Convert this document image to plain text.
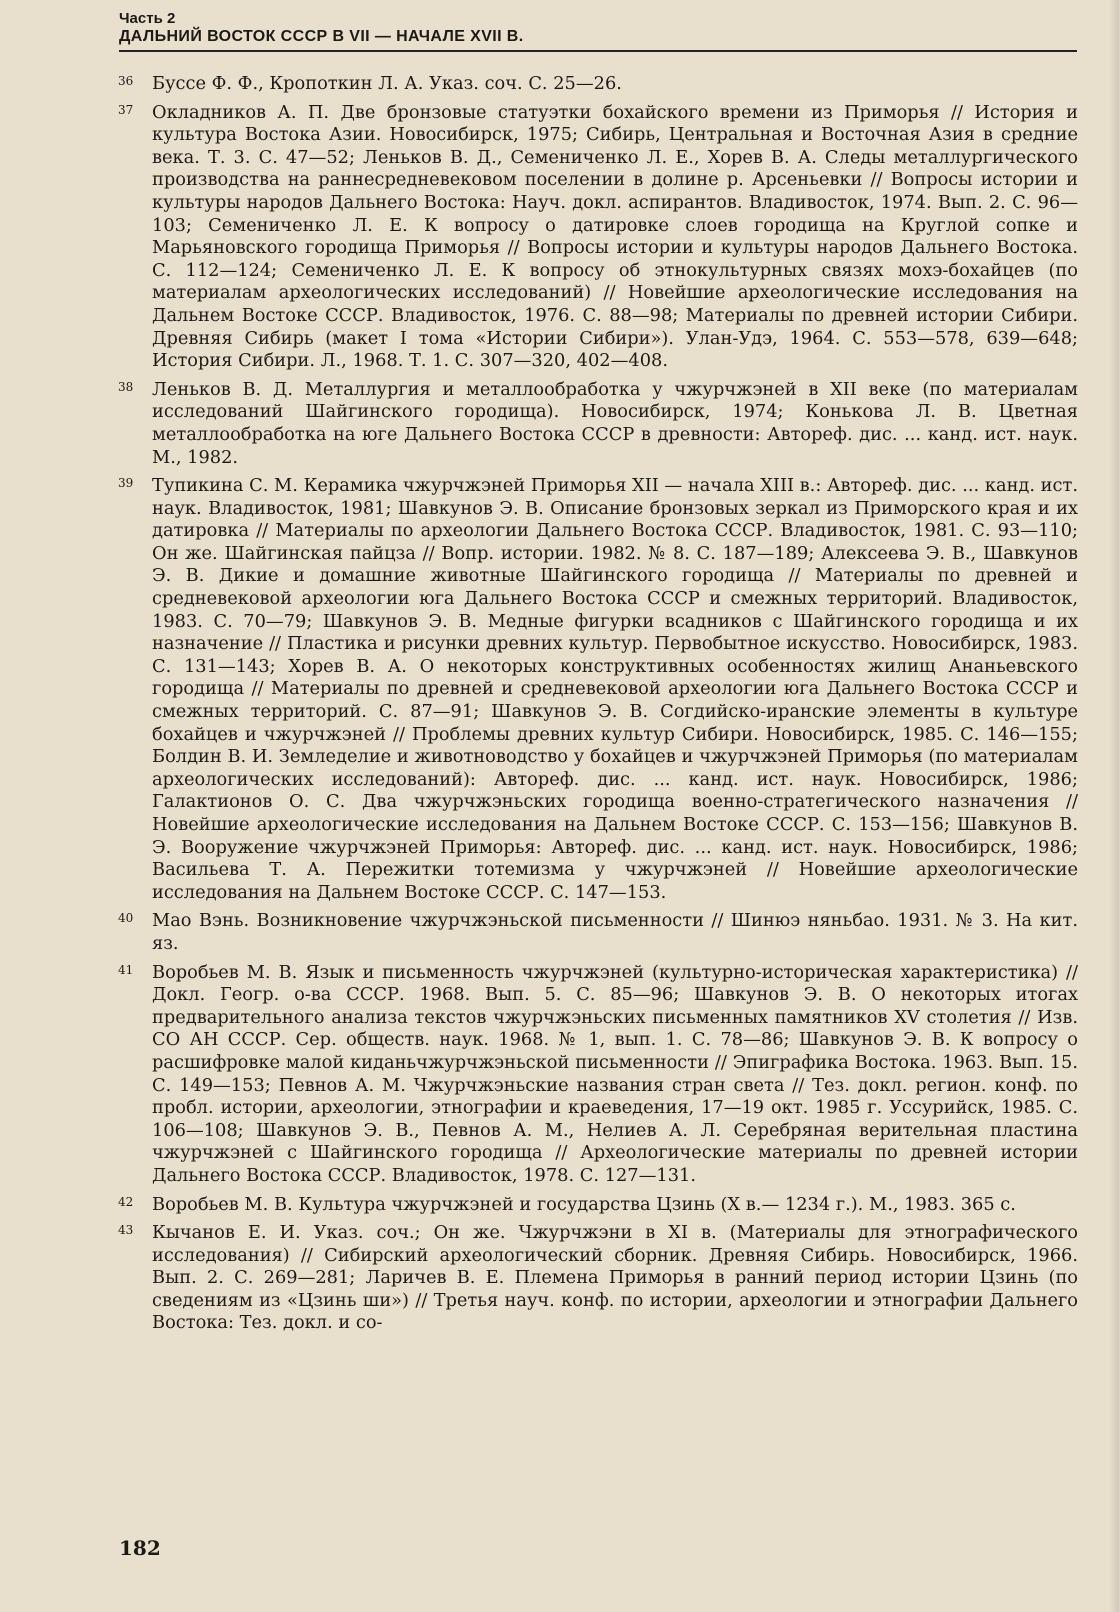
Часть 2

ДАЛЬНИЙ ВОСТОК СССР В VII — НАЧАЛЕ XVII В.

36 Буссе Ф. Ф., Кропоткин Л. А. Указ. соч. С. 25—26.
37 Окладников А. П. Две бронзовые статуэтки бохайского времени из Приморья // История и культура Востока Азии. Новосибирск, 1975; Сибирь, Центральная и Восточная Азия в средние века. Т. 3. С. 47—52; Леньков В. Д., Семениченко Л. Е., Хорев В. А. Следы металлургического производства на раннесредневековом поселении в долине р. Арсеньевки // Вопросы истории и культуры народов Дальнего Востока: Науч. докл. аспирантов. Владивосток, 1974. Вып. 2. С. 96—103; Семениченко Л. Е. К вопросу о датировке слоев городища на Круглой сопке и Марьяновского городища Приморья // Вопросы истории и культуры народов Дальнего Востока. С. 112—124; Семениченко Л. Е. К вопросу об этнокультурных связях мохэ-бохайцев (по материалам археологических исследований) // Новейшие археологические исследования на Дальнем Востоке СССР. Владивосток, 1976. С. 88—98; Материалы по древней истории Сибири. Древняя Сибирь (макет I тома «Истории Сибири»). Улан-Удэ, 1964. С. 553—578, 639—648; История Сибири. Л., 1968. Т. 1. С. 307—320, 402—408.
38 Леньков В. Д. Металлургия и металлообработка у чжурчжэней в XII веке (по материалам исследований Шайгинского городища). Новосибирск, 1974; Конькова Л. В. Цветная металлообработка на юге Дальнего Востока СССР в древности: Автореф. дис. ... канд. ист. наук. М., 1982.
39 Тупикина С. М. Керамика чжурчжэней Приморья XII — начала XIII в.: Автореф. дис. ... канд. ист. наук. Владивосток, 1981; Шавкунов Э. В. Описание бронзовых зеркал из Приморского края и их датировка // Материалы по археологии Дальнего Востока СССР. Владивосток, 1981. С. 93—110; Он же. Шайгинская пайцза // Вопр. истории. 1982. № 8. С. 187—189; Алексеева Э. В., Шавкунов Э. В. Дикие и домашние животные Шайгинского городища // Материалы по древней и средневековой археологии юга Дальнего Востока СССР и смежных территорий. Владивосток, 1983. С. 70—79; Шавкунов Э. В. Медные фигурки всадников с Шайгинского городища и их назначение // Пластика и рисунки древних культур. Первобытное искусство. Новосибирск, 1983. С. 131—143; Хорев В. А. О некоторых конструктивных особенностях жилищ Ананьевского городища // Материалы по древней и средневековой археологии юга Дальнего Востока СССР и смежных территорий. С. 87—91; Шавкунов Э. В. Согдийско-иранские элементы в культуре бохайцев и чжурчжэней // Проблемы древних культур Сибири. Новосибирск, 1985. С. 146—155; Болдин В. И. Земледелие и животноводство у бохайцев и чжурчжэней Приморья (по материалам археологических исследований): Автореф. дис. ... канд. ист. наук. Новосибирск, 1986; Галактионов О. С. Два чжурчжэньских городища военно-стратегического назначения // Новейшие археологические исследования на Дальнем Востоке СССР. С. 153—156; Шавкунов В. Э. Вооружение чжурчжэней Приморья: Автореф. дис. ... канд. ист. наук. Новосибирск, 1986; Васильева Т. А. Пережитки тотемизма у чжурчжэней // Новейшие археологические исследования на Дальнем Востоке СССР. С. 147—153.
40 Мао Вэнь. Возникновение чжурчжэньской письменности // Шинюэ няньбао. 1931. № 3. На кит. яз.
41 Воробьев М. В. Язык и письменность чжурчжэней (культурно-историческая характеристика) // Докл. Геогр. о-ва СССР. 1968. Вып. 5. С. 85—96; Шавкунов Э. В. О некоторых итогах предварительного анализа текстов чжурчжэньских письменных памятников XV столетия // Изв. СО АН СССР. Сер. обществ. наук. 1968. № 1, вып. 1. С. 78—86; Шавкунов Э. В. К вопросу о расшифровке малой киданьчжурчжэньской письменности // Эпиграфика Востока. 1963. Вып. 15. С. 149—153; Певнов А. М. Чжурчжэньские названия стран света // Тез. докл. регион. конф. по пробл. истории, археологии, этнографии и краеведения, 17—19 окт. 1985 г. Уссурийск, 1985. С. 106—108; Шавкунов Э. В., Певнов А. М., Нелиев А. Л. Серебряная верительная пластина чжурчжэней с Шайгинского городища // Археологические материалы по древней истории Дальнего Востока СССР. Владивосток, 1978. С. 127—131.
42 Воробьев М. В. Культура чжурчжэней и государства Цзинь (X в.— 1234 г.). М., 1983. 365 с.
43 Кычанов Е. И. Указ. соч.; Он же. Чжурчжэни в XI в. (Материалы для этнографического исследования) // Сибирский археологический сборник. Древняя Сибирь. Новосибирск, 1966. Вып. 2. С. 269—281; Ларичев В. Е. Племена Приморья в ранний период истории Цзинь (по сведениям из «Цзинь ши») // Третья науч. конф. по истории, археологии и этнографии Дальнего Востока: Тез. докл. и со-
182
